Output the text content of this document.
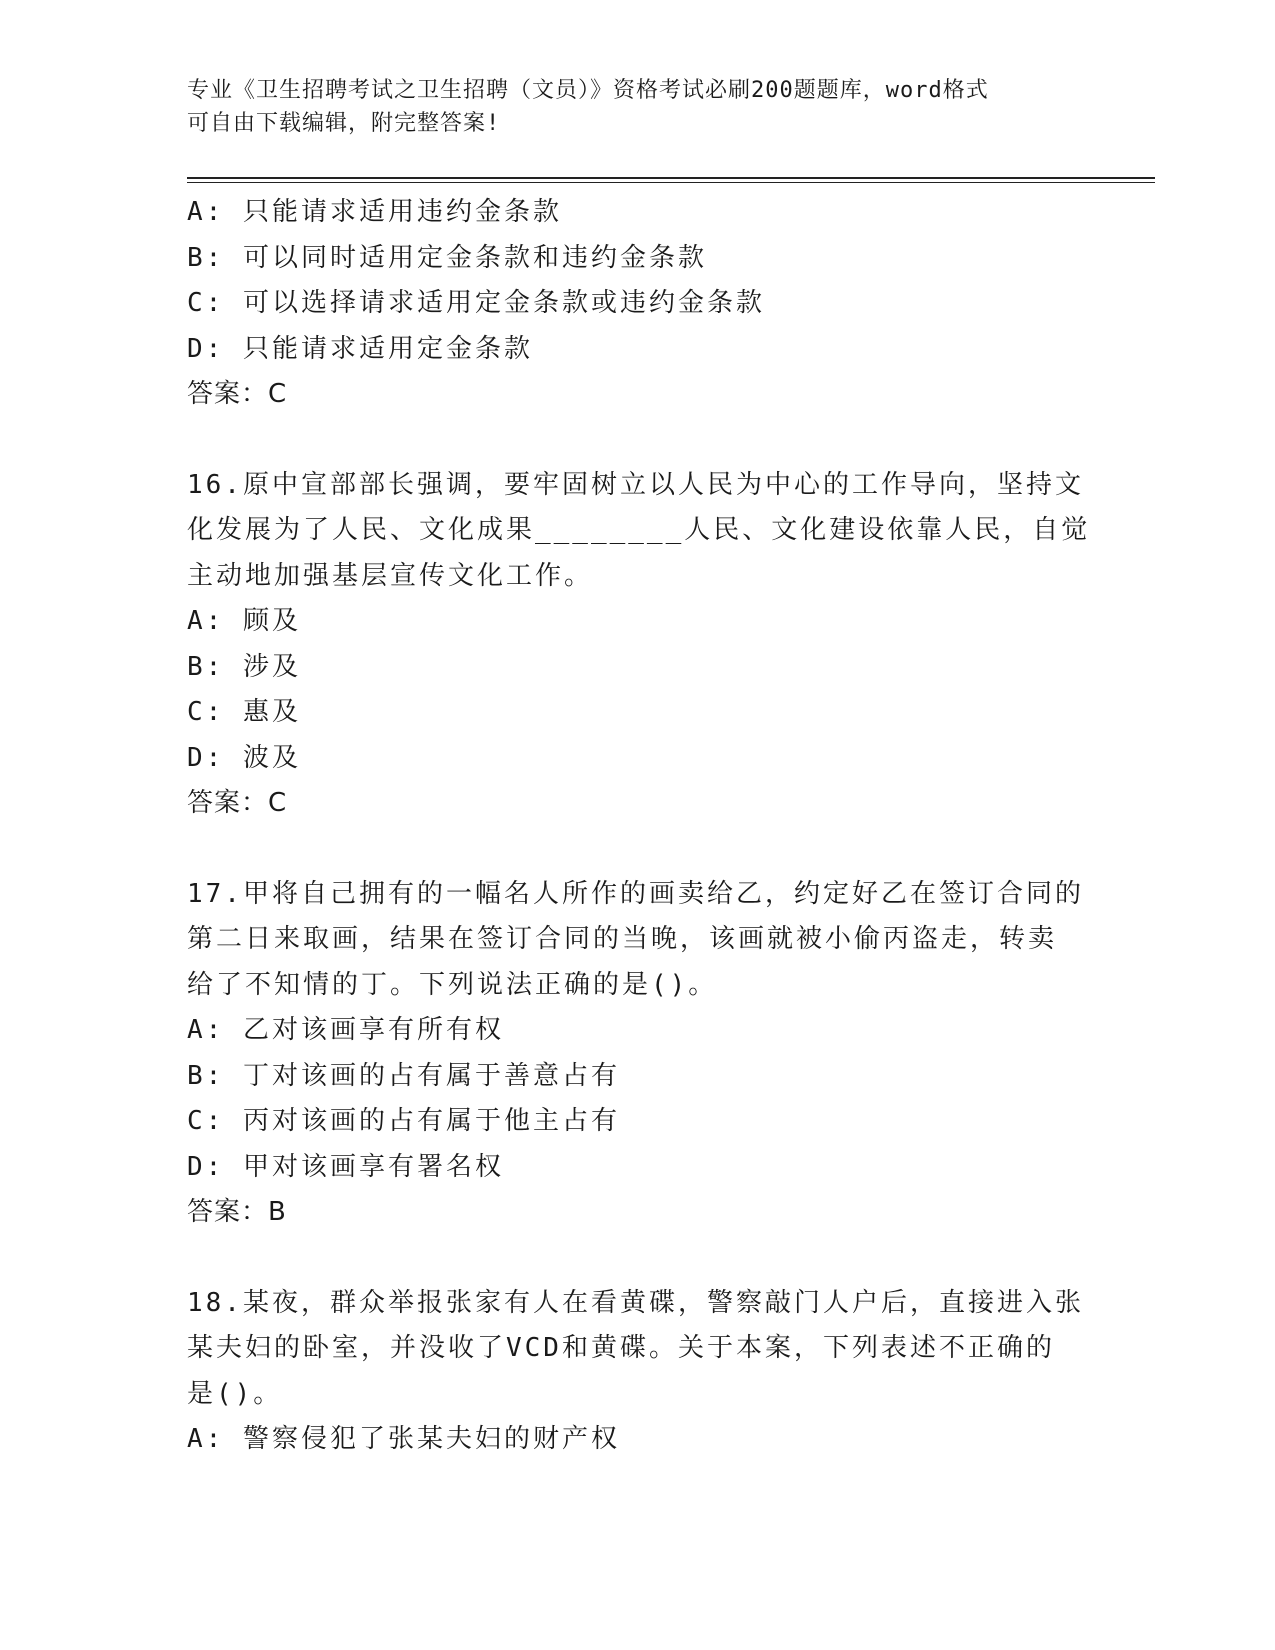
专业《卫生招聘考试之卫生招聘（文员）》资格考试必刷200题题库，word格式
可自由下载编辑，附完整答案!
A: 只能请求适用违约金条款
B: 可以同时适用定金条款和违约金条款
C: 可以选择请求适用定金条款或违约金条款
D: 只能请求适用定金条款
答案：C
16.原中宣部部长强调，要牢固树立以人民为中心的工作导向，坚持文
化发展为了人民、文化成果________人民、文化建设依靠人民，自觉
主动地加强基层宣传文化工作。
A: 顾及
B: 涉及
C: 惠及
D: 波及
答案：C
17.甲将自己拥有的一幅名人所作的画卖给乙，约定好乙在签订合同的
第二日来取画，结果在签订合同的当晚，该画就被小偷丙盗走，转卖
给了不知情的丁。下列说法正确的是()。
A: 乙对该画享有所有权
B: 丁对该画的占有属于善意占有
C: 丙对该画的占有属于他主占有
D: 甲对该画享有署名权
答案：B
18.某夜，群众举报张家有人在看黄碟，警察敲门人户后，直接进入张
某夫妇的卧室，并没收了VCD和黄碟。关于本案，下列表述不正确的
是()。
A: 警察侵犯了张某夫妇的财产权
